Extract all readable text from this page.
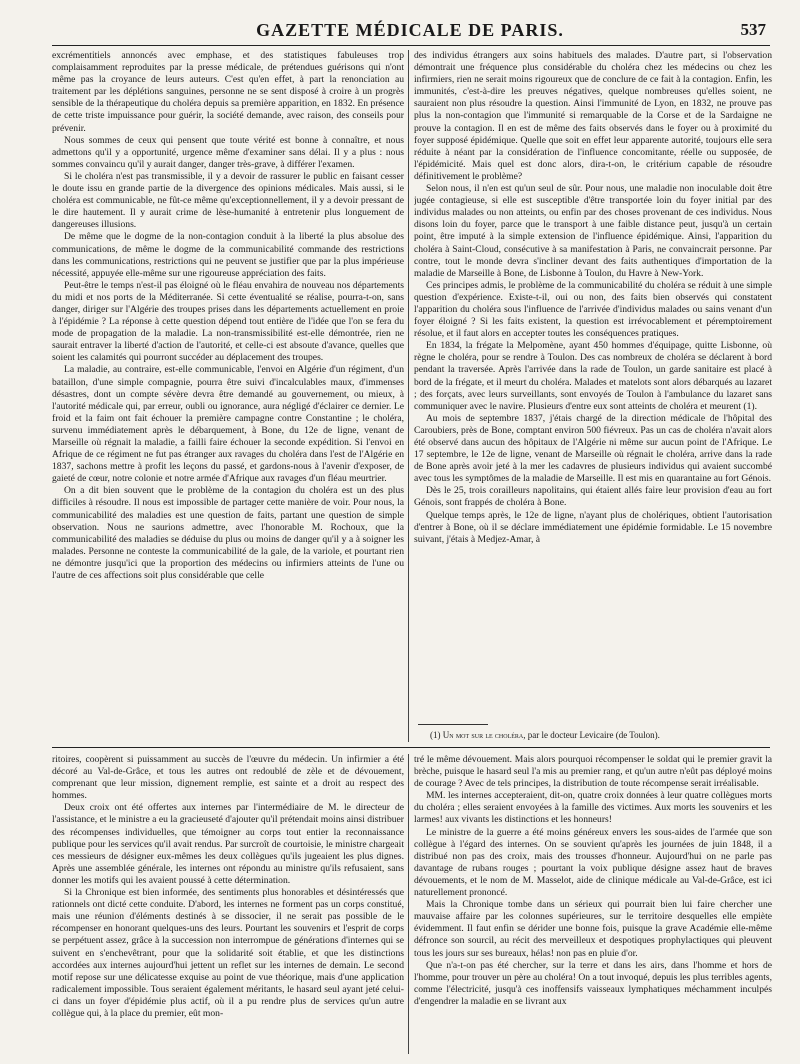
GAZETTE MÉDICALE DE PARIS.	537

excrémentitiels annoncés avec emphase, et des statistiques fabuleuses trop complaisamment reproduites par la presse médicale, de prétendues guérisons qui n'ont même pas la croyance de leurs auteurs. C'est qu'en effet, à part la renonciation au traitement par les déplétions sanguines, personne ne se sent disposé à croire à un progrès sensible de la thérapeutique du choléra depuis sa première apparition, en 1832. En présence de cette triste impuissance pour guérir, la société demande, avec raison, des conseils pour prévenir.

Nous sommes de ceux qui pensent que toute vérité est bonne à connaître, et nous admettons qu'il y a opportunité, urgence même d'examiner sans délai. Il y a plus : nous sommes convaincu qu'il y aurait danger, danger très-grave, à différer l'examen.

Si le choléra n'est pas transmissible, il y a devoir de rassurer le public en faisant cesser le doute issu en grande partie de la divergence des opinions médicales. Mais aussi, si le choléra est communicable, ne fût-ce même qu'exceptionnellement, il y a devoir pressant de le dire hautement. Il y aurait crime de lèse-humanité à entretenir plus longuement de dangereuses illusions.

De même que le dogme de la non-contagion conduit à la liberté la plus absolue des communications, de même le dogme de la communicabilité commande des restrictions dans les communications, restrictions qui ne peuvent se justifier que par la plus impérieuse nécessité, appuyée elle-même sur une rigoureuse appréciation des faits.

Peut-être le temps n'est-il pas éloigné où le fléau envahira de nouveau nos départements du midi et nos ports de la Méditerranée. Si cette éventualité se réalise, pourra-t-on, sans danger, diriger sur l'Algérie des troupes prises dans les départements actuellement en proie à l'épidémie ? La réponse à cette question dépend tout entière de l'idée que l'on se fera du mode de propagation de la maladie. La non-transmissibilité est-elle démontrée, rien ne saurait entraver la liberté d'action de l'autorité, et celle-ci est absoute d'avance, quelles que soient les calamités qui pourront succéder au déplacement des troupes.

La maladie, au contraire, est-elle communicable, l'envoi en Algérie d'un régiment, d'un bataillon, d'une simple compagnie, pourra être suivi d'incalculables maux, d'immenses désastres, dont un compte sévère devra être demandé au gouvernement, ou mieux, à l'autorité médicale qui, par erreur, oubli ou ignorance, aura négligé d'éclairer ce dernier. Le froid et la faim ont fait échouer la première campagne contre Constantine ; le choléra, survenu immédiatement après le débarquement, à Bone, du 12e de ligne, venant de Marseille où régnait la maladie, a failli faire échouer la seconde expédition. Si l'envoi en Afrique de ce régiment ne fut pas étranger aux ravages du choléra dans l'est de l'Algérie en 1837, sachons mettre à profit les leçons du passé, et gardons-nous à l'avenir d'exposer, de gaieté de cœur, notre colonie et notre armée d'Afrique aux ravages d'un fléau meurtrier.

On a dit bien souvent que le problème de la contagion du choléra est un des plus difficiles à résoudre. Il nous est impossible de partager cette manière de voir. Pour nous, la communicabilité des maladies est une question de faits, partant une question de simple observation. Nous ne saurions admettre, avec l'honorable M. Rochoux, que la communicabilité des maladies se déduise du plus ou moins de danger qu'il y a à soigner les malades. Personne ne conteste la communicabilité de la gale, de la variole, et pourtant rien ne démontre jusqu'ici que la proportion des médecins ou infirmiers atteints de l'une ou l'autre de ces affections soit plus considérable que celle

des individus étrangers aux soins habituels des malades. D'autre part, si l'observation démontrait une fréquence plus considérable du choléra chez les médecins ou chez les infirmiers, rien ne serait moins rigoureux que de conclure de ce fait à la contagion. Enfin, les immunités, c'est-à-dire les preuves négatives, quelque nombreuses qu'elles soient, ne sauraient non plus résoudre la question. Ainsi l'immunité de Lyon, en 1832, ne prouve pas plus la non-contagion que l'immunité si remarquable de la Corse et de la Sardaigne ne prouve la contagion. Il en est de même des faits observés dans le foyer ou à proximité du foyer supposé épidémique. Quelle que soit en effet leur apparente autorité, toujours elle sera réduite à néant par la considération de l'influence concomitante, réelle ou supposée, de l'épidémicité. Mais quel est donc alors, dira-t-on, le critérium capable de résoudre définitivement le problème?

Selon nous, il n'en est qu'un seul de sûr. Pour nous, une maladie non inoculable doit être jugée contagieuse, si elle est susceptible d'être transportée loin du foyer initial par des individus malades ou non atteints, ou enfin par des choses provenant de ces individus. Nous disons loin du foyer, parce que le transport à une faible distance peut, jusqu'à un certain point, être imputé à la simple extension de l'influence épidémique. Ainsi, l'apparition du choléra à Saint-Cloud, consécutive à sa manifestation à Paris, ne convaincrait personne. Par contre, tout le monde devra s'incliner devant des faits authentiques d'importation de la maladie de Marseille à Bone, de Lisbonne à Toulon, du Havre à New-York.

Ces principes admis, le problème de la communicabilité du choléra se réduit à une simple question d'expérience. Existe-t-il, oui ou non, des faits bien observés qui constatent l'apparition du choléra sous l'influence de l'arrivée d'individus malades ou sains venant d'un foyer éloigné ? Si les faits existent, la question est irrévocablement et péremptoirement résolue, et il faut alors en accepter toutes les conséquences pratiques.

En 1834, la frégate la Melpomène, ayant 450 hommes d'équipage, quitte Lisbonne, où règne le choléra, pour se rendre à Toulon. Des cas nombreux de choléra se déclarent à bord pendant la traversée. Après l'arrivée dans la rade de Toulon, un garde sanitaire est placé à bord de la frégate, et il meurt du choléra. Malades et matelots sont alors débarqués au lazaret ; des forçats, avec leurs surveillants, sont envoyés de Toulon à l'ambulance du lazaret sans communiquer avec le navire. Plusieurs d'entre eux sont atteints de choléra et meurent (1).

Au mois de septembre 1837, j'étais chargé de la direction médicale de l'hôpital des Caroubiers, près de Bone, comptant environ 500 fiévreux. Pas un cas de choléra n'avait alors été observé dans aucun des hôpitaux de l'Algérie ni même sur aucun point de l'Afrique. Le 17 septembre, le 12e de ligne, venant de Marseille où régnait le choléra, arrive dans la rade de Bone après avoir jeté à la mer les cadavres de plusieurs individus qui avaient succombé avec tous les symptômes de la maladie de Marseille. Il est mis en quarantaine au fort Génois.

Dès le 25, trois corailleurs napolitains, qui étaient allés faire leur provision d'eau au fort Génois, sont frappés de choléra à Bone.

Quelque temps après, le 12e de ligne, n'ayant plus de cholériques, obtient l'autorisation d'entrer à Bone, où il se déclare immédiatement une épidémie formidable. Le 15 novembre suivant, j'étais à Medjez-Amar, à

(1) Un mot sur le choléra, par le docteur Levicaire (de Toulon).

ritoires, coopèrent si puissamment au succès de l'œuvre du médecin. Un infirmier a été décoré au Val-de-Grâce, et tous les autres ont redoublé de zèle et de dévouement, comprenant que leur mission, dignement remplie, est sainte et a droit au respect des hommes.

Deux croix ont été offertes aux internes par l'intermédiaire de M. le directeur de l'assistance, et le ministre a eu la gracieuseté d'ajouter qu'il prétendait moins ainsi distribuer des récompenses individuelles, que témoigner au corps tout entier la reconnaissance publique pour les services qu'il avait rendus. Par surcroît de courtoisie, le ministre chargeait ces messieurs de désigner eux-mêmes les deux collègues qu'ils jugeaient les plus dignes. Après une assemblée générale, les internes ont répondu au ministre qu'ils refusaient, sans donner les motifs qui les avaient poussé à cette détermination.

Si la Chronique est bien informée, des sentiments plus honorables et désintéressés que rationnels ont dicté cette conduite. D'abord, les internes ne forment pas un corps constitué, mais une réunion d'éléments destinés à se dissocier, il ne serait pas possible de le récompenser en honorant quelques-uns des leurs. Pourtant les souvenirs et l'esprit de corps se perpétuent assez, grâce à la succession non interrompue de générations d'internes qui se suivent en s'enchevêtrant, pour que la solidarité soit établie, et que les distinctions accordées aux internes aujourd'hui jettent un reflet sur les internes de demain. Le second motif repose sur une délicatesse exquise au point de vue théorique, mais d'une application radicalement impossible. Tous seraient également méritants, le hasard seul ayant jeté celui-ci dans un foyer d'épidémie plus actif, où il a pu rendre plus de services qu'un autre collègue qui, à la place du premier, eût mon-

tré le même dévouement. Mais alors pourquoi récompenser le soldat qui le premier gravit la brèche, puisque le hasard seul l'a mis au premier rang, et qu'un autre n'eût pas déployé moins de courage ? Avec de tels principes, la distribution de toute récompense serait irréalisable.

MM. les internes accepteraient, dit-on, quatre croix données à leur quatre collègues morts du choléra ; elles seraient envoyées à la famille des victimes. Aux morts les souvenirs et les larmes! aux vivants les distinctions et les honneurs!

Le ministre de la guerre a été moins généreux envers les sous-aides de l'armée que son collègue à l'égard des internes. On se souvient qu'après les journées de juin 1848, il a distribué non pas des croix, mais des trousses d'honneur. Aujourd'hui on ne parle pas davantage de rubans rouges ; pourtant la voix publique désigne assez haut de braves dévouements, et le nom de M. Masselot, aide de clinique médicale au Val-de-Grâce, est ici naturellement prononcé.

Mais la Chronique tombe dans un sérieux qui pourrait bien lui faire chercher une mauvaise affaire par les colonnes supérieures, sur le territoire desquelles elle empiète évidemment. Il faut enfin se dérider une bonne fois, puisque la grave Académie elle-même défronce son sourcil, au récit des merveilleux et despotiques prophylactiques qui pleuvent tous les jours sur ses bureaux, hélas! non pas en pluie d'or.

Que n'a-t-on pas été chercher, sur la terre et dans les airs, dans l'homme et hors de l'homme, pour trouver un père au choléra! On a tout invoqué, depuis les plus terribles agents, comme l'électricité, jusqu'à ces inoffensifs vaisseaux lymphatiques méchamment inculpés d'engendrer la maladie en se livrant aux
